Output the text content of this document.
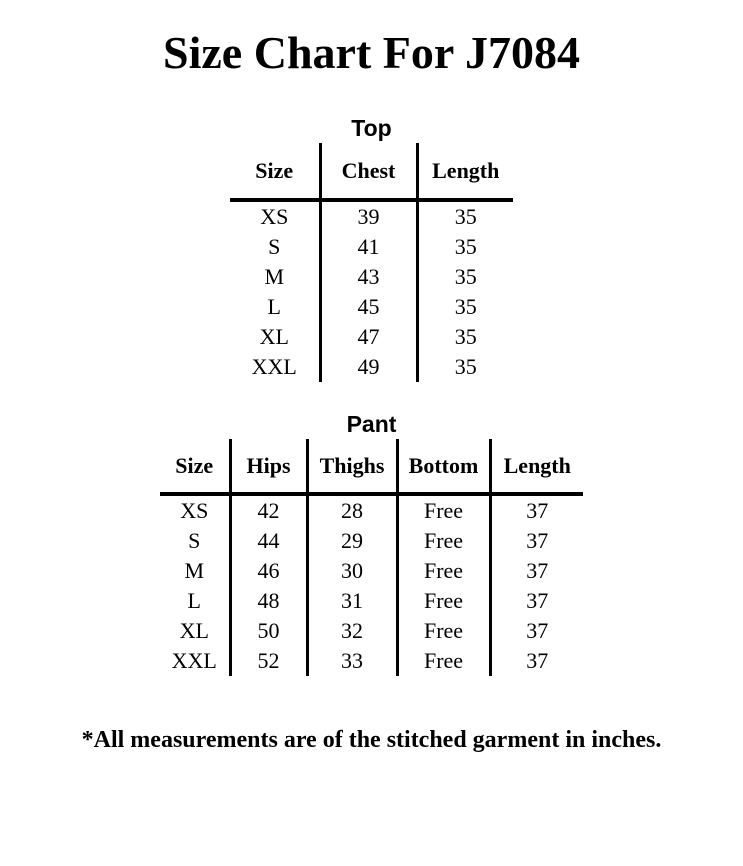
Size Chart For J7084
Top
Size	Chest	Length
XS	39	35
S	41	35
M	43	35
L	45	35
XL	47	35
XXL	49	35
Pant
Size	Hips	Thighs	Bottom	Length
XS	42	28	Free	37
S	44	29	Free	37
M	46	30	Free	37
L	48	31	Free	37
XL	50	32	Free	37
XXL	52	33	Free	37

*All measurements are of the stitched garment in inches.
